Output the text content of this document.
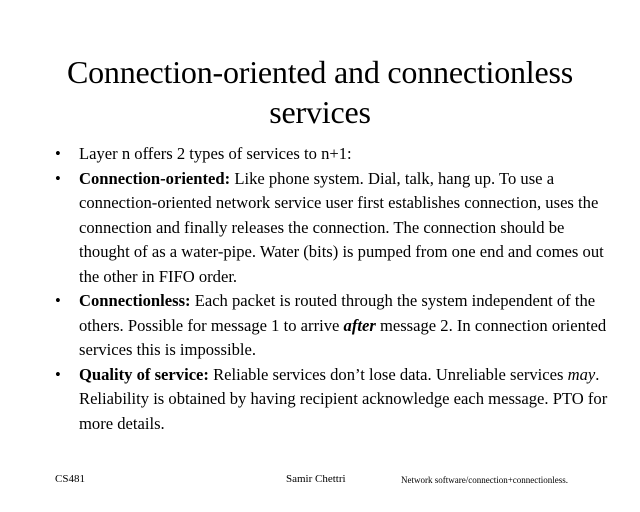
Connection-oriented and connectionless
services
•	Layer n offers 2 types of services to n+1:
•	Connection-oriented: Like phone system. Dial, talk, hang up. To use a connection-oriented network service user first establishes connection, uses the connection and finally releases the connection. The connection should be thought of as a water-pipe. Water (bits) is pumped from one end and comes out the other in FIFO order.
•	Connectionless: Each packet is routed through the system independent of the others. Possible for message 1 to arrive after message 2. In connection oriented services this is impossible.
•	Quality of service: Reliable services don’t lose data. Unreliable services may. Reliability is obtained by having recipient acknowledge each message. PTO for more details.
CS481	Samir Chettri	Network software/connection+connectionless.
